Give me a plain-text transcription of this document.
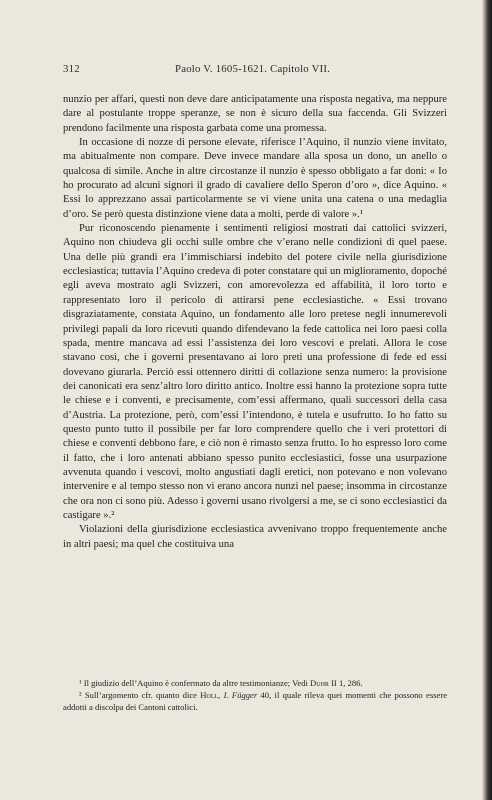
312	Paolo V. 1605-1621. Capitolo VII.

nunzio per affari, questi non deve dare anticipatamente una risposta negativa, ma neppure dare al postulante troppe speranze, se non è sicuro della sua faccenda. Gli Svizzeri prendono facilmente una risposta garbata come una promessa.

In occasione di nozze di persone elevate, riferisce l’Aquino, il nunzio viene invitato, ma abitualmente non compare. Deve invece mandare alla sposa un dono, un anello o qualcosa di simile. Anche in altre circostanze il nunzio è spesso obbligato a far doni: « Io ho procurato ad alcuni signori il grado di cavaliere dello Speron d’oro », dice Aquino. « Essi lo apprezzano assai particolarmente se vi viene unita una catena o una medaglia d’oro. Se però questa distinzione viene data a molti, perde di valore ».¹

Pur riconoscendo pienamente i sentimenti religiosi mostrati dai cattolici svizzeri, Aquino non chiudeva gli occhi sulle ombre che v’erano nelle condizioni di quel paese. Una delle più grandi era l’immischiarsi indebito del potere civile nella giurisdizione ecclesiastica; tuttavia l’Aquino credeva di poter constatare qui un miglioramento, dopoché egli aveva mostrato agli Svizzeri, con amorevolezza ed affabilità, il loro torto e rappresentato loro il pericolo di attirarsi pene ecclesiastiche. « Essi trovano disgraziatamente, constata Aquino, un fondamento alle loro pretese negli innumerevoli privilegi papali da loro ricevuti quando difendevano la fede cattolica nei loro paesi colla spada, mentre mancava ad essi l’assistenza dei loro vescovi e prelati. Allora le cose stavano così, che i governi presentavano ai loro preti una professione di fede ed essi dovevano giurarla. Perciò essi ottennero diritti di collazione senza numero: la provisione dei canonicati era senz’altro loro diritto antico. Inoltre essi hanno la protezione sopra tutte le chiese e i conventi, e precisamente, com’essi affermano, quali successori della casa d’Austria. La protezione, però, com’essi l’intendono, è tutela e usufrutto. Io ho fatto su questo punto tutto il possibile per far loro comprendere quello che i veri protettori di chiese e conventi debbono fare, e ciò non è rimasto senza frutto. Io ho espresso loro come il fatto, che i loro antenati abbiano spesso punito ecclesiastici, fosse una usurpazione avvenuta quando i vescovi, molto angustiati dagli eretici, non potevano e non volevano intervenire e al tempo stesso non vi erano ancora nunzi nel paese; insomma in circostanze che ora non ci sono più. Adesso i governi usano rivolgersi a me, se ci sono ecclesiastici da castigare ».²

Violazioni della giurisdizione ecclesiastica avvenivano troppo frequentemente anche in altri paesi; ma quel che costituiva una

¹ Il giudizio dell’Aquino è confermato da altre testimonianze; Vedi Duhr II 1, 286.

² Sull’argomento cfr. quanto dice Holl, I. Függer 40, il quale rileva quei momenti che possono essere addotti a discolpa dei Cantoni cattolici.
